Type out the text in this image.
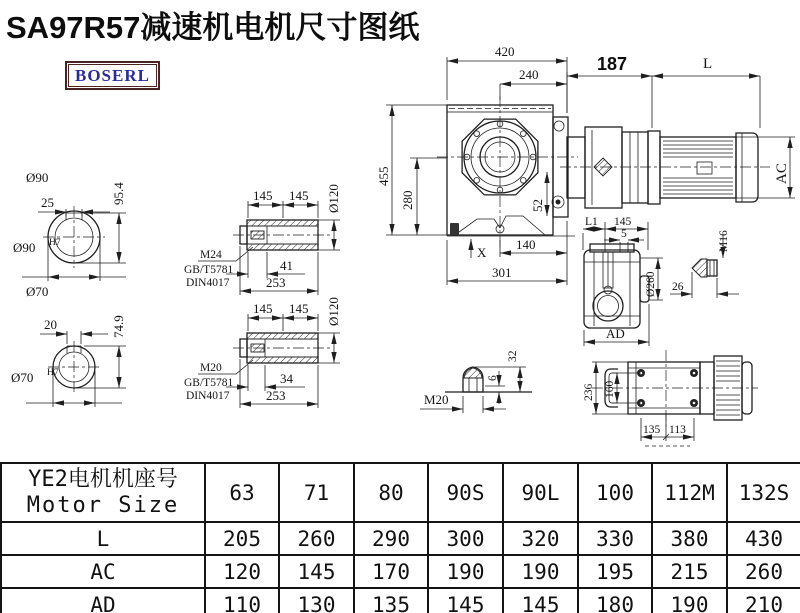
SA97R57减速机电机尺寸图纸
BOSERL
25	95.4
Ø90
Ø90 H7
20	74.9
Ø70
Ø70 H7
145 145 Ø120
M24
GB/T5781
DIN4017
41
253
145 145 Ø120
M20
GB/T5781
DIN4017
34
253
420
240
455
280	52
X
140
301
187	L
AC
L1 145
5
Ø260
AD
M16
26
M20
6
32
236 160
135 113
YE2电机机座号
Motor Size	63	71	80	90S	90L	100	112M	132S
L	205	260	290	300	320	330	380	430
AC	120	145	170	190	190	195	215	260
AD	110	130	135	145	145	180	190	210
